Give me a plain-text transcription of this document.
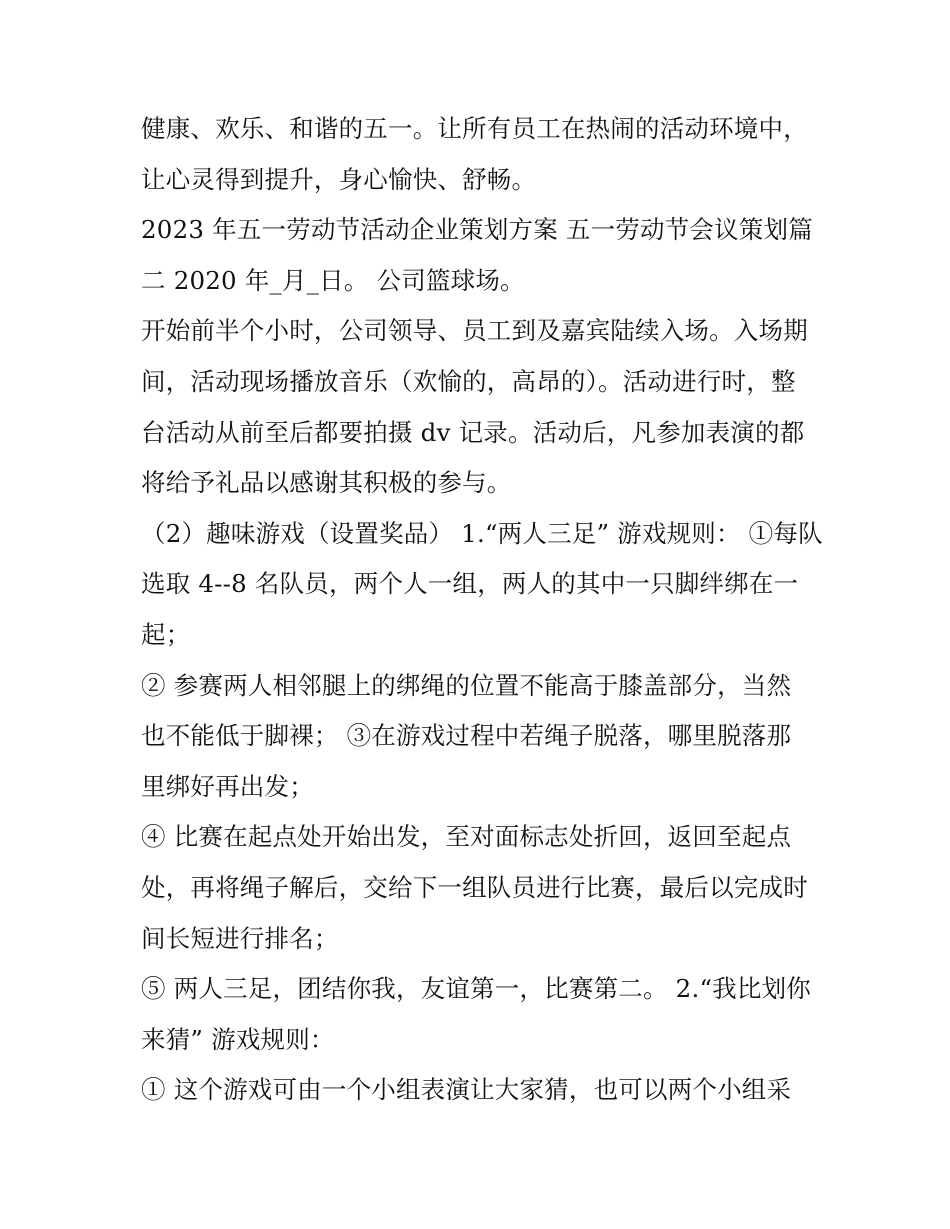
健康、欢乐、和谐的五一。让所有员工在热闹的活动环境中，
让心灵得到提升，身心愉快、舒畅。
2023 年五一劳动节活动企业策划方案 五一劳动节会议策划篇
二 2020 年_月_日。 公司篮球场。
开始前半个小时，公司领导、员工到及嘉宾陆续入场。入场期
间，活动现场播放音乐（欢愉的，高昂的）。活动进行时，整
台活动从前至后都要拍摄 dv 记录。活动后，凡参加表演的都
将给予礼品以感谢其积极的参与。
（2）趣味游戏（设置奖品） 1.“两人三足” 游戏规则： ①每队
选取 4--8 名队员，两个人一组，两人的其中一只脚绊绑在一
起；
② 参赛两人相邻腿上的绑绳的位置不能高于膝盖部分，当然
也不能低于脚裸； ③在游戏过程中若绳子脱落，哪里脱落那
里绑好再出发；
④ 比赛在起点处开始出发，至对面标志处折回，返回至起点
处，再将绳子解后，交给下一组队员进行比赛，最后以完成时
间长短进行排名；
⑤ 两人三足，团结你我，友谊第一，比赛第二。 2.“我比划你
来猜” 游戏规则：
① 这个游戏可由一个小组表演让大家猜，也可以两个小组采
